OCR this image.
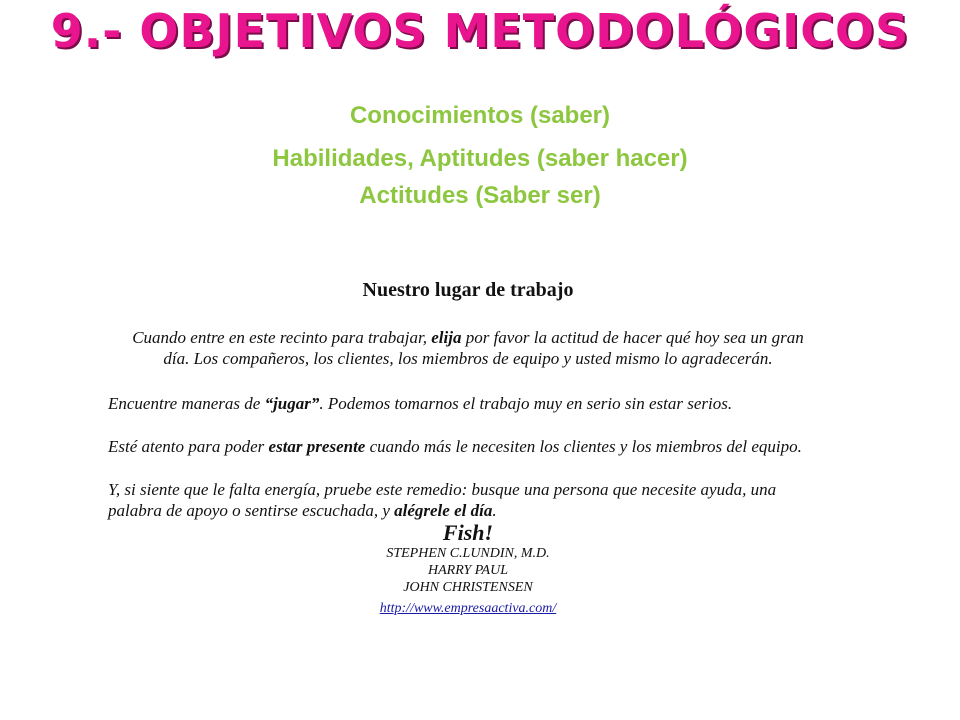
9.- OBJETIVOS METODOLÓGICOS
Conocimientos (saber)
Habilidades, Aptitudes (saber hacer)
Actitudes (Saber ser)
Nuestro lugar de trabajo

Cuando entre en este recinto para trabajar, elija por favor la actitud de hacer qué hoy sea un gran día. Los compañeros, los clientes, los miembros de equipo y usted mismo lo agradecerán.

Encuentre maneras de “jugar”. Podemos tomarnos el trabajo muy en serio sin estar serios.

Esté atento para poder estar presente cuando más le necesiten los clientes y los miembros del equipo.

Y, si siente que le falta energía, pruebe este remedio: busque una persona que necesite ayuda, una palabra de apoyo o sentirse escuchada, y alégrele el día.

Fish!
STEPHEN C.LUNDIN, M.D.
HARRY PAUL
JOHN CHRISTENSEN
http://www.empresaactiva.com/
